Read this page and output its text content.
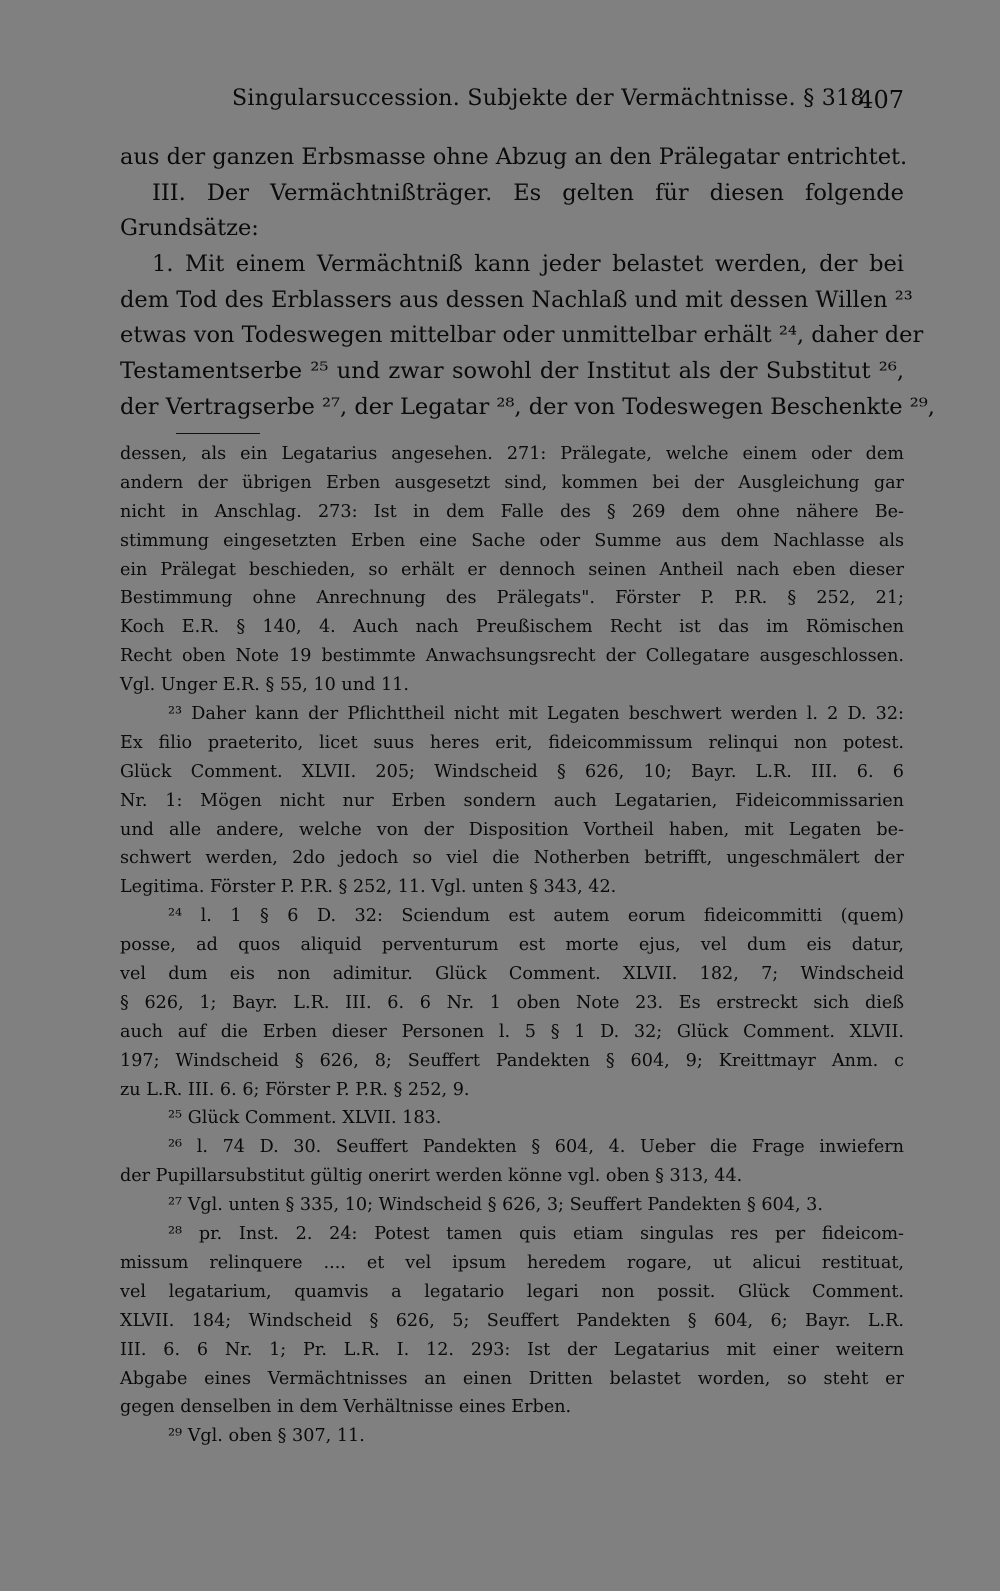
Singularsuccession. Subjekte der Vermächtnisse. § 318.
407
aus der ganzen Erbsmasse ohne Abzug an den Prälegatar entrichtet.
III. Der Vermächtnißträger. Es gelten für diesen folgende
Grundsätze:
1. Mit einem Vermächtniß kann jeder belastet werden, der bei
dem Tod des Erblassers aus dessen Nachlaß und mit dessen Willen ²³
etwas von Todeswegen mittelbar oder unmittelbar erhält ²⁴, daher der
Testamentserbe ²⁵ und zwar sowohl der Institut als der Substitut ²⁶,
der Vertragserbe ²⁷, der Legatar ²⁸, der von Todeswegen Beschenkte ²⁹,
dessen, als ein Legatarius angesehen. 271: Prälegate, welche einem oder dem
andern der übrigen Erben ausgesetzt sind, kommen bei der Ausgleichung gar
nicht in Anschlag. 273: Ist in dem Falle des § 269 dem ohne nähere Be-
stimmung eingesetzten Erben eine Sache oder Summe aus dem Nachlasse als
ein Prälegat beschieden, so erhält er dennoch seinen Antheil nach eben dieser
Bestimmung ohne Anrechnung des Prälegats". Förster P. P.R. § 252, 21;
Koch E.R. § 140, 4. Auch nach Preußischem Recht ist das im Römischen
Recht oben Note 19 bestimmte Anwachsungsrecht der Collegatare ausgeschlossen.
Vgl. Unger E.R. § 55, 10 und 11.
²³ Daher kann der Pflichttheil nicht mit Legaten beschwert werden l. 2 D. 32:
Ex filio praeterito, licet suus heres erit, fideicommissum relinqui non potest.
Glück Comment. XLVII. 205; Windscheid § 626, 10; Bayr. L.R. III. 6. 6
Nr. 1: Mögen nicht nur Erben sondern auch Legatarien, Fideicommissarien
und alle andere, welche von der Disposition Vortheil haben, mit Legaten be-
schwert werden, 2do jedoch so viel die Notherben betrifft, ungeschmälert der
Legitima. Förster P. P.R. § 252, 11. Vgl. unten § 343, 42.
²⁴ l. 1 § 6 D. 32: Sciendum est autem eorum fideicommitti (quem)
posse, ad quos aliquid perventurum est morte ejus, vel dum eis datur,
vel dum eis non adimitur. Glück Comment. XLVII. 182, 7; Windscheid
§ 626, 1; Bayr. L.R. III. 6. 6 Nr. 1 oben Note 23. Es erstreckt sich dieß
auch auf die Erben dieser Personen l. 5 § 1 D. 32; Glück Comment. XLVII.
197; Windscheid § 626, 8; Seuffert Pandekten § 604, 9; Kreittmayr Anm. c
zu L.R. III. 6. 6; Förster P. P.R. § 252, 9.
²⁵ Glück Comment. XLVII. 183.
²⁶ l. 74 D. 30. Seuffert Pandekten § 604, 4. Ueber die Frage inwiefern
der Pupillarsubstitut gültig onerirt werden könne vgl. oben § 313, 44.
²⁷ Vgl. unten § 335, 10; Windscheid § 626, 3; Seuffert Pandekten § 604, 3.
²⁸ pr. Inst. 2. 24: Potest tamen quis etiam singulas res per fideicom-
missum relinquere .... et vel ipsum heredem rogare, ut alicui restituat,
vel legatarium, quamvis a legatario legari non possit. Glück Comment.
XLVII. 184; Windscheid § 626, 5; Seuffert Pandekten § 604, 6; Bayr. L.R.
III. 6. 6 Nr. 1; Pr. L.R. I. 12. 293: Ist der Legatarius mit einer weitern
Abgabe eines Vermächtnisses an einen Dritten belastet worden, so steht er
gegen denselben in dem Verhältnisse eines Erben.
²⁹ Vgl. oben § 307, 11.
